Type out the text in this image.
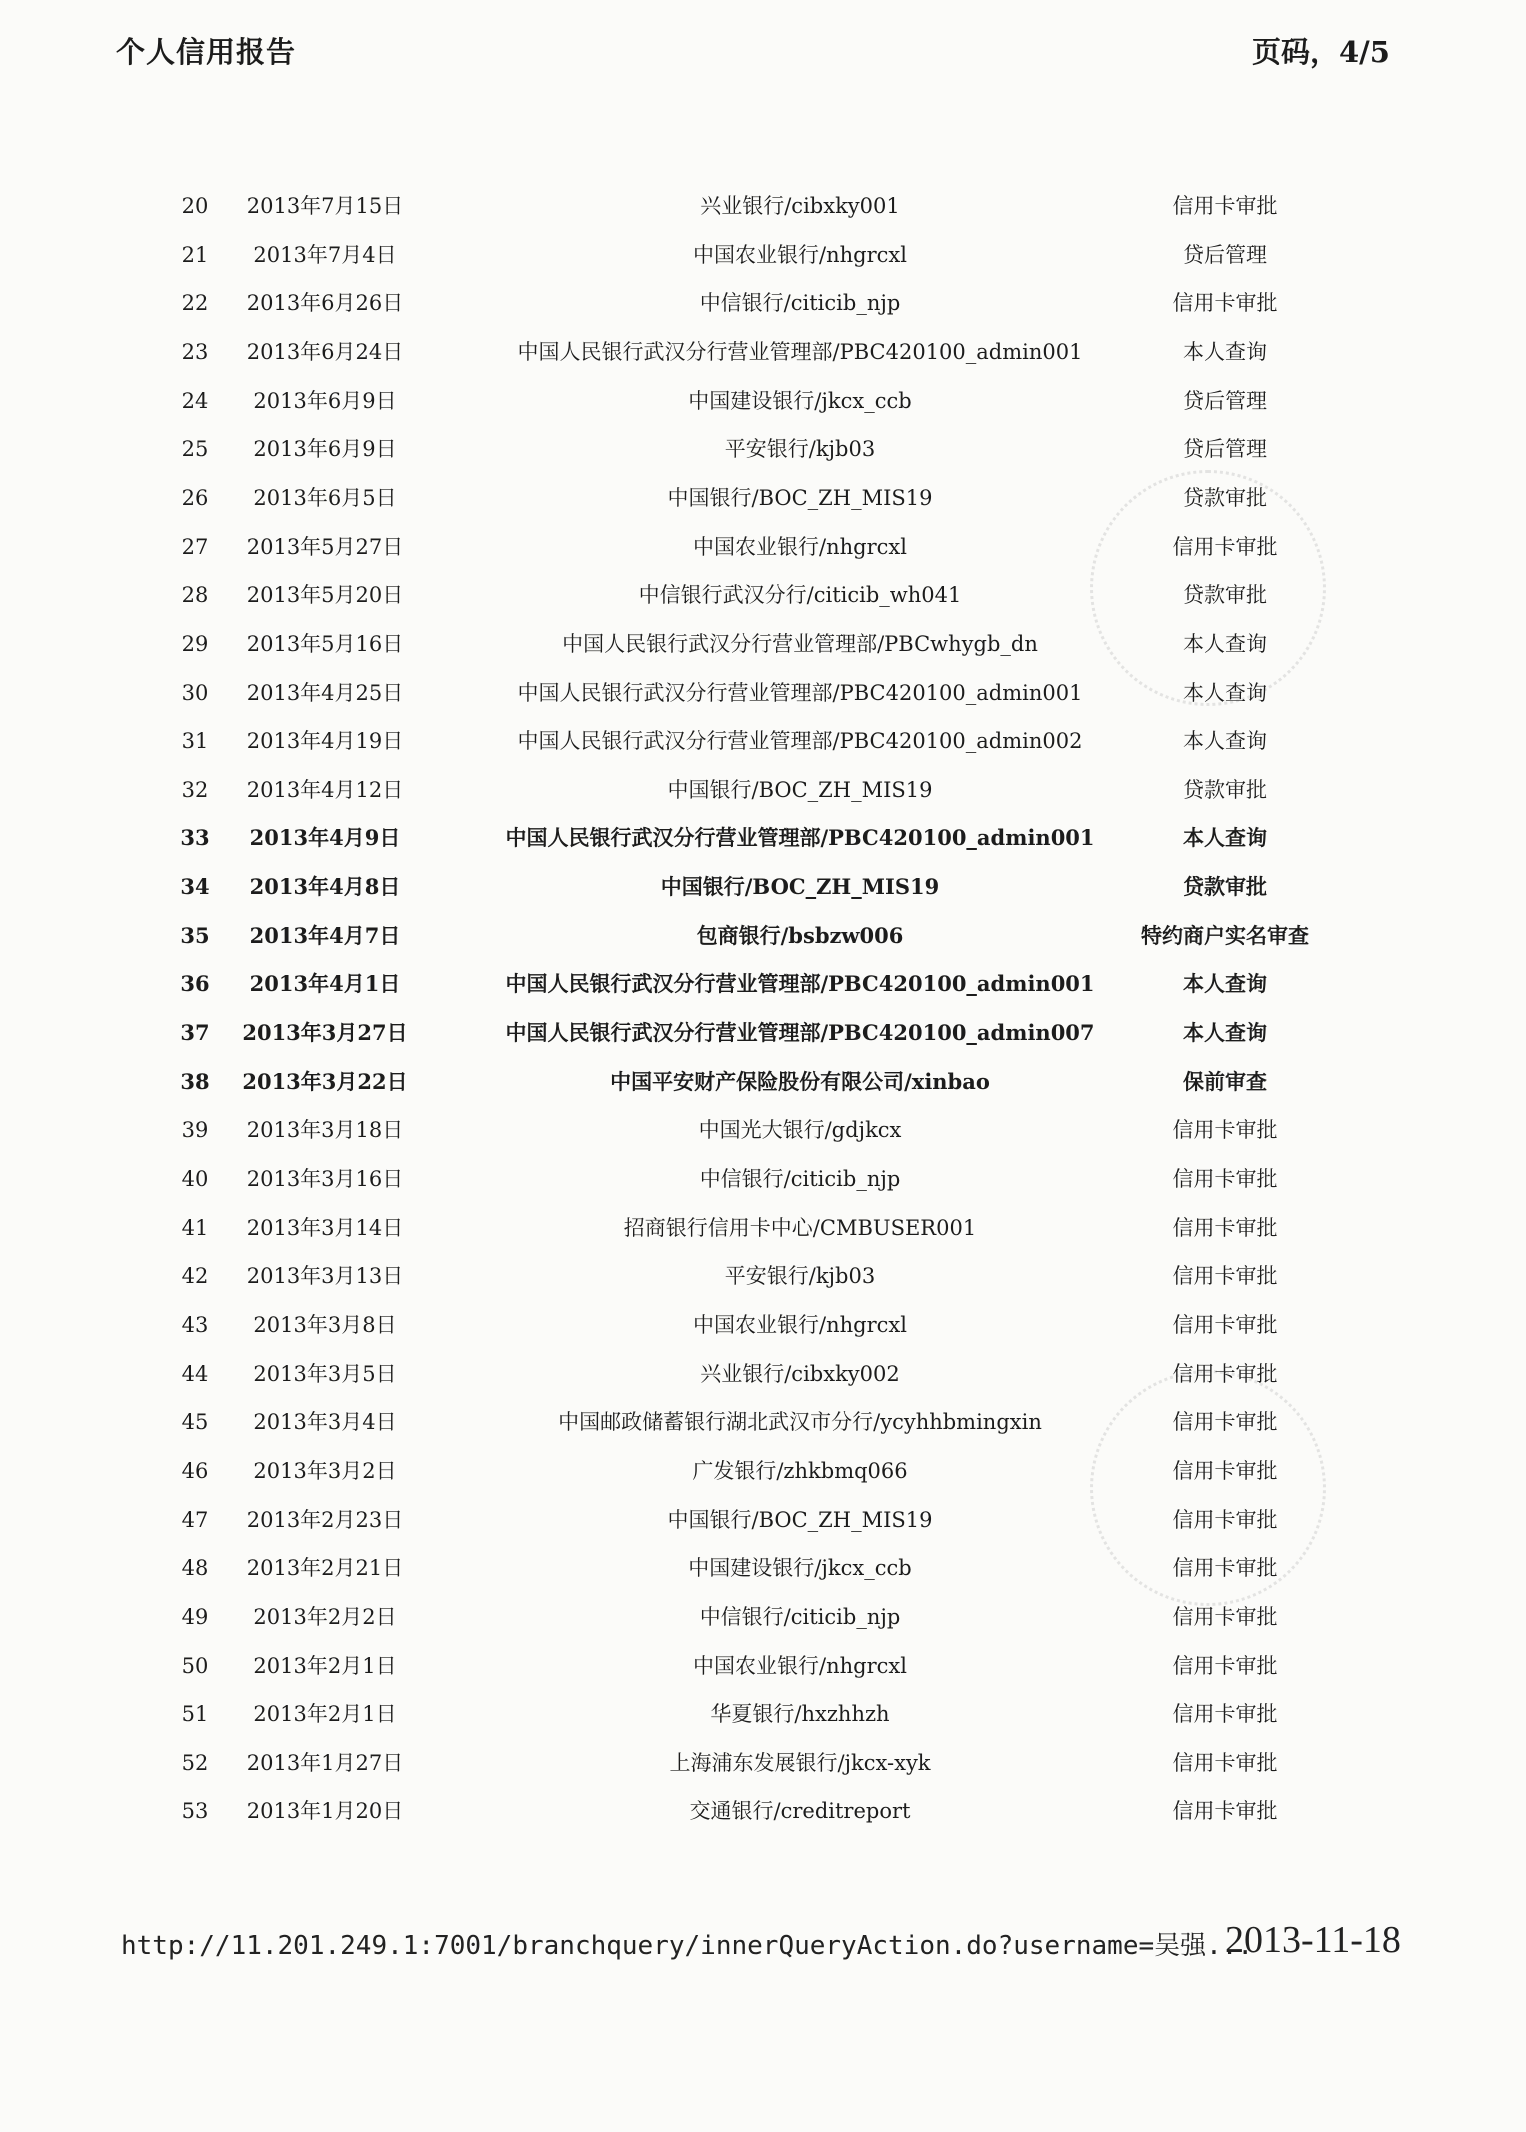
个人信用报告	页码，4/5
20	2013年7月15日	兴业银行/cibxky001	信用卡审批
21	2013年7月4日	中国农业银行/nhgrcxl	贷后管理
22	2013年6月26日	中信银行/citicib_njp	信用卡审批
23	2013年6月24日	中国人民银行武汉分行营业管理部/PBC420100_admin001	本人查询
24	2013年6月9日	中国建设银行/jkcx_ccb	贷后管理
25	2013年6月9日	平安银行/kjb03	贷后管理
26	2013年6月5日	中国银行/BOC_ZH_MIS19	贷款审批
27	2013年5月27日	中国农业银行/nhgrcxl	信用卡审批
28	2013年5月20日	中信银行武汉分行/citicib_wh041	贷款审批
29	2013年5月16日	中国人民银行武汉分行营业管理部/PBCwhygb_dn	本人查询
30	2013年4月25日	中国人民银行武汉分行营业管理部/PBC420100_admin001	本人查询
31	2013年4月19日	中国人民银行武汉分行营业管理部/PBC420100_admin002	本人查询
32	2013年4月12日	中国银行/BOC_ZH_MIS19	贷款审批
33	2013年4月9日	中国人民银行武汉分行营业管理部/PBC420100_admin001	本人查询
34	2013年4月8日	中国银行/BOC_ZH_MIS19	贷款审批
35	2013年4月7日	包商银行/bsbzw006	特约商户实名审查
36	2013年4月1日	中国人民银行武汉分行营业管理部/PBC420100_admin001	本人查询
37	2013年3月27日	中国人民银行武汉分行营业管理部/PBC420100_admin007	本人查询
38	2013年3月22日	中国平安财产保险股份有限公司/xinbao	保前审查
39	2013年3月18日	中国光大银行/gdjkcx	信用卡审批
40	2013年3月16日	中信银行/citicib_njp	信用卡审批
41	2013年3月14日	招商银行信用卡中心/CMBUSER001	信用卡审批
42	2013年3月13日	平安银行/kjb03	信用卡审批
43	2013年3月8日	中国农业银行/nhgrcxl	信用卡审批
44	2013年3月5日	兴业银行/cibxky002	信用卡审批
45	2013年3月4日	中国邮政储蓄银行湖北武汉市分行/ycyhhbmingxin	信用卡审批
46	2013年3月2日	广发银行/zhkbmq066	信用卡审批
47	2013年2月23日	中国银行/BOC_ZH_MIS19	信用卡审批
48	2013年2月21日	中国建设银行/jkcx_ccb	信用卡审批
49	2013年2月2日	中信银行/citicib_njp	信用卡审批
50	2013年2月1日	中国农业银行/nhgrcxl	信用卡审批
51	2013年2月1日	华夏银行/hxzhhzh	信用卡审批
52	2013年1月27日	上海浦东发展银行/jkcx-xyk	信用卡审批
53	2013年1月20日	交通银行/creditreport	信用卡审批
http://11.201.249.1:7001/branchquery/innerQueryAction.do?username=吴强...
2013-11-18
